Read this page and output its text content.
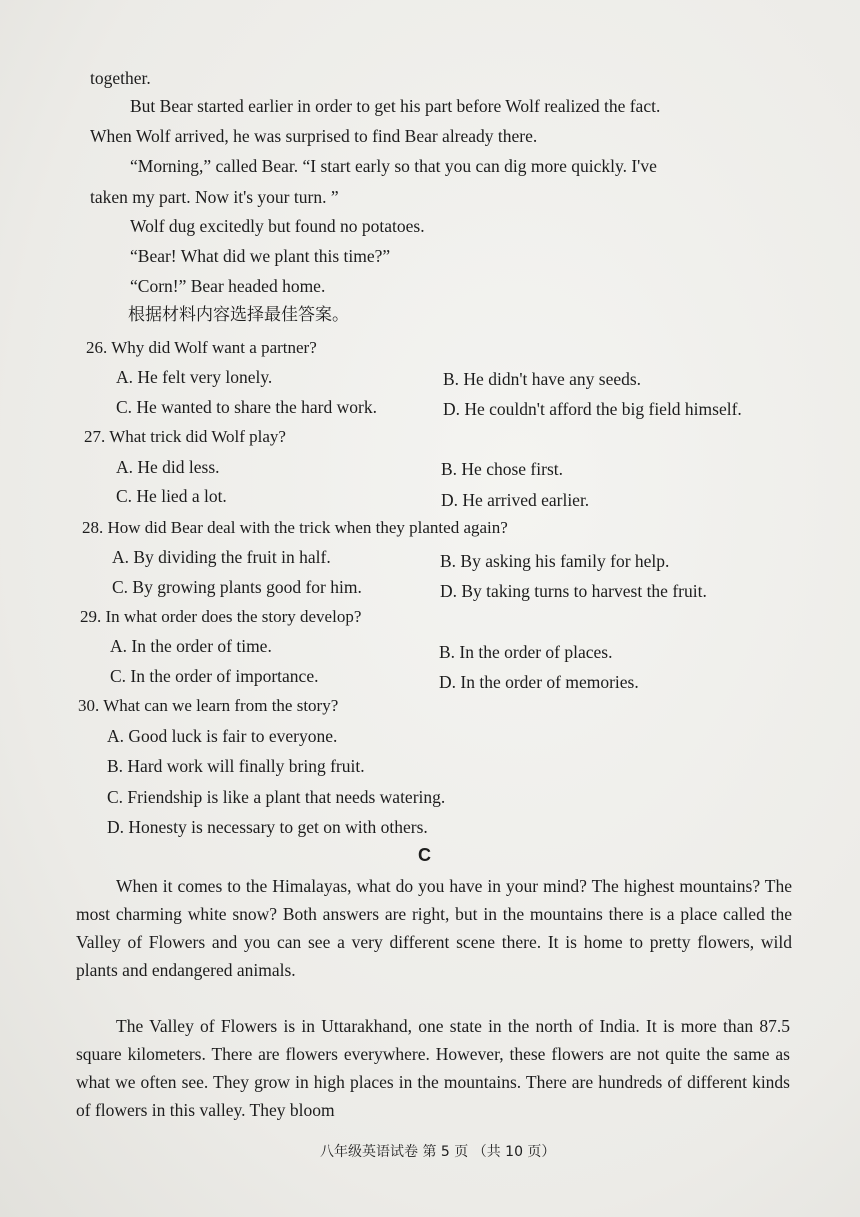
together.
But Bear started earlier in order to get his part before Wolf realized the fact.
When Wolf arrived, he was surprised to find Bear already there.
“Morning,” called Bear. “I start early so that you can dig more quickly. I've
taken my part. Now it's your turn. ”
Wolf dug excitedly but found no potatoes.
“Bear! What did we plant this time?”
“Corn!” Bear headed home.
根据材料内容选择最佳答案。
26. Why did Wolf want a partner?
A. He felt very lonely.	B. He didn't have any seeds.
C. He wanted to share the hard work.	D. He couldn't afford the big field himself.
27. What trick did Wolf play?
A. He did less.	B. He chose first.
C. He lied a lot.	D. He arrived earlier.
28. How did Bear deal with the trick when they planted again?
A. By dividing the fruit in half.	B. By asking his family for help.
C. By growing plants good for him.	D. By taking turns to harvest the fruit.
29. In what order does the story develop?
A. In the order of time.	B. In the order of places.
C. In the order of importance.	D. In the order of memories.
30. What can we learn from the story?
A. Good luck is fair to everyone.
B. Hard work will finally bring fruit.
C. Friendship is like a plant that needs watering.
D. Honesty is necessary to get on with others.
C
When it comes to the Himalayas, what do you have in your mind? The highest mountains? The most charming white snow? Both answers are right, but in the mountains there is a place called the Valley of Flowers and you can see a very different scene there. It is home to pretty flowers, wild plants and endangered animals.
The Valley of Flowers is in Uttarakhand, one state in the north of India. It is more than 87.5 square kilometers. There are flowers everywhere. However, these flowers are not quite the same as what we often see. They grow in high places in the mountains. There are hundreds of different kinds of flowers in this valley. They bloom
八年级英语试卷 第 5 页 （共 10 页）
